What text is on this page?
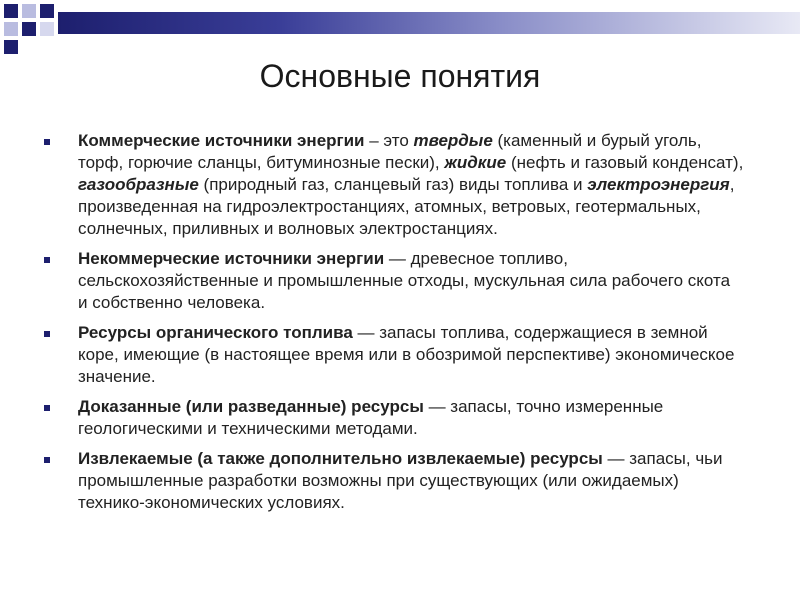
Основные понятия
Коммерческие источники энергии – это твердые (каменный и бурый уголь, торф, горючие сланцы, битуминозные пески), жидкие (нефть и газовый конденсат), газообразные (природный газ, сланцевый газ) виды топлива и электроэнергия, произведенная на гидроэлектростанциях, атомных, ветровых, геотермальных, солнечных, приливных и волновых электростанциях.
Некоммерческие источники энергии — древесное топливо, сельскохозяйственные и промышленные отходы, мускульная сила рабочего скота и собственно человека.
Ресурсы органического топлива — запасы топлива, содержащиеся в земной коре, имеющие (в настоящее время или в обозримой перспективе) экономическое значение.
Доказанные (или разведанные) ресурсы — запасы, точно измеренные геологическими и техническими методами.
Извлекаемые (а также дополнительно извлекаемые) ресурсы — запасы, чьи промышленные разработки возможны при существующих (или ожидаемых) технико-экономических условиях.
